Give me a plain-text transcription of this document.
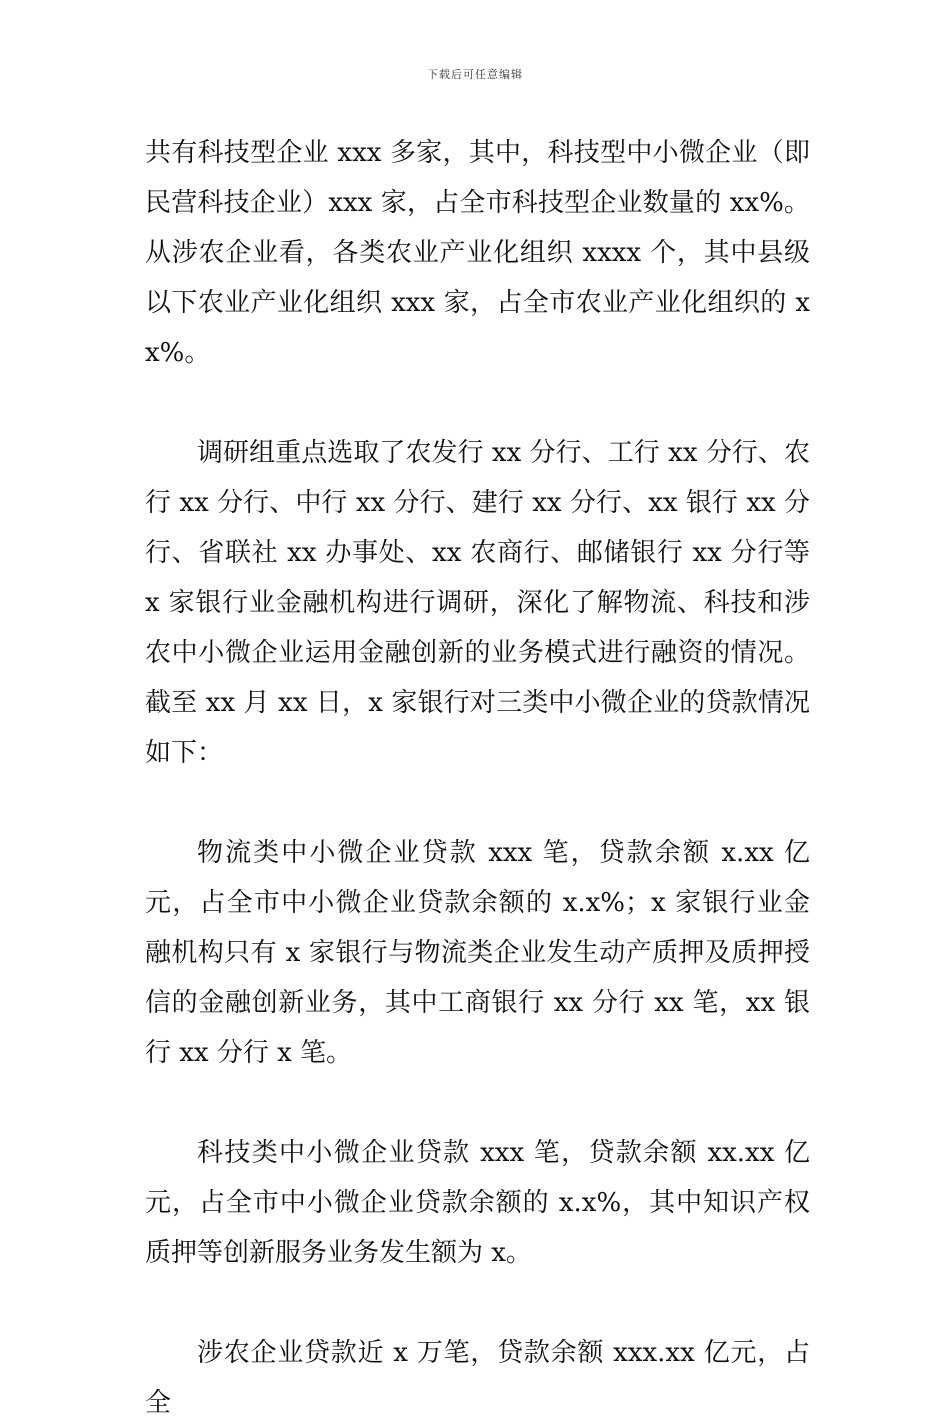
下载后可任意编辑

共有科技型企业 xxx 多家，其中，科技型中小微企业（即民营科技企业）xxx 家，占全市科技型企业数量的 xx%。从涉农企业看，各类农业产业化组织 xxxx 个，其中县级以下农业产业化组织 xxx 家，占全市农业产业化组织的 xx%。

调研组重点选取了农发行 xx 分行、工行 xx 分行、农行 xx 分行、中行 xx 分行、建行 xx 分行、xx 银行 xx 分行、省联社 xx 办事处、xx 农商行、邮储银行 xx 分行等 x 家银行业金融机构进行调研，深化了解物流、科技和涉农中小微企业运用金融创新的业务模式进行融资的情况。截至 xx 月 xx 日，x 家银行对三类中小微企业的贷款情况如下：

物流类中小微企业贷款 xxx 笔，贷款余额 x.xx 亿元，占全市中小微企业贷款余额的 x.x%；x 家银行业金融机构只有 x 家银行与物流类企业发生动产质押及质押授信的金融创新业务，其中工商银行 xx 分行 xx 笔，xx 银行 xx 分行 x 笔。

科技类中小微企业贷款 xxx 笔，贷款余额 xx.xx 亿元，占全市中小微企业贷款余额的 x.x%，其中知识产权质押等创新服务业务发生额为 x。

涉农企业贷款近 x 万笔，贷款余额 xxx.xx 亿元，占全
